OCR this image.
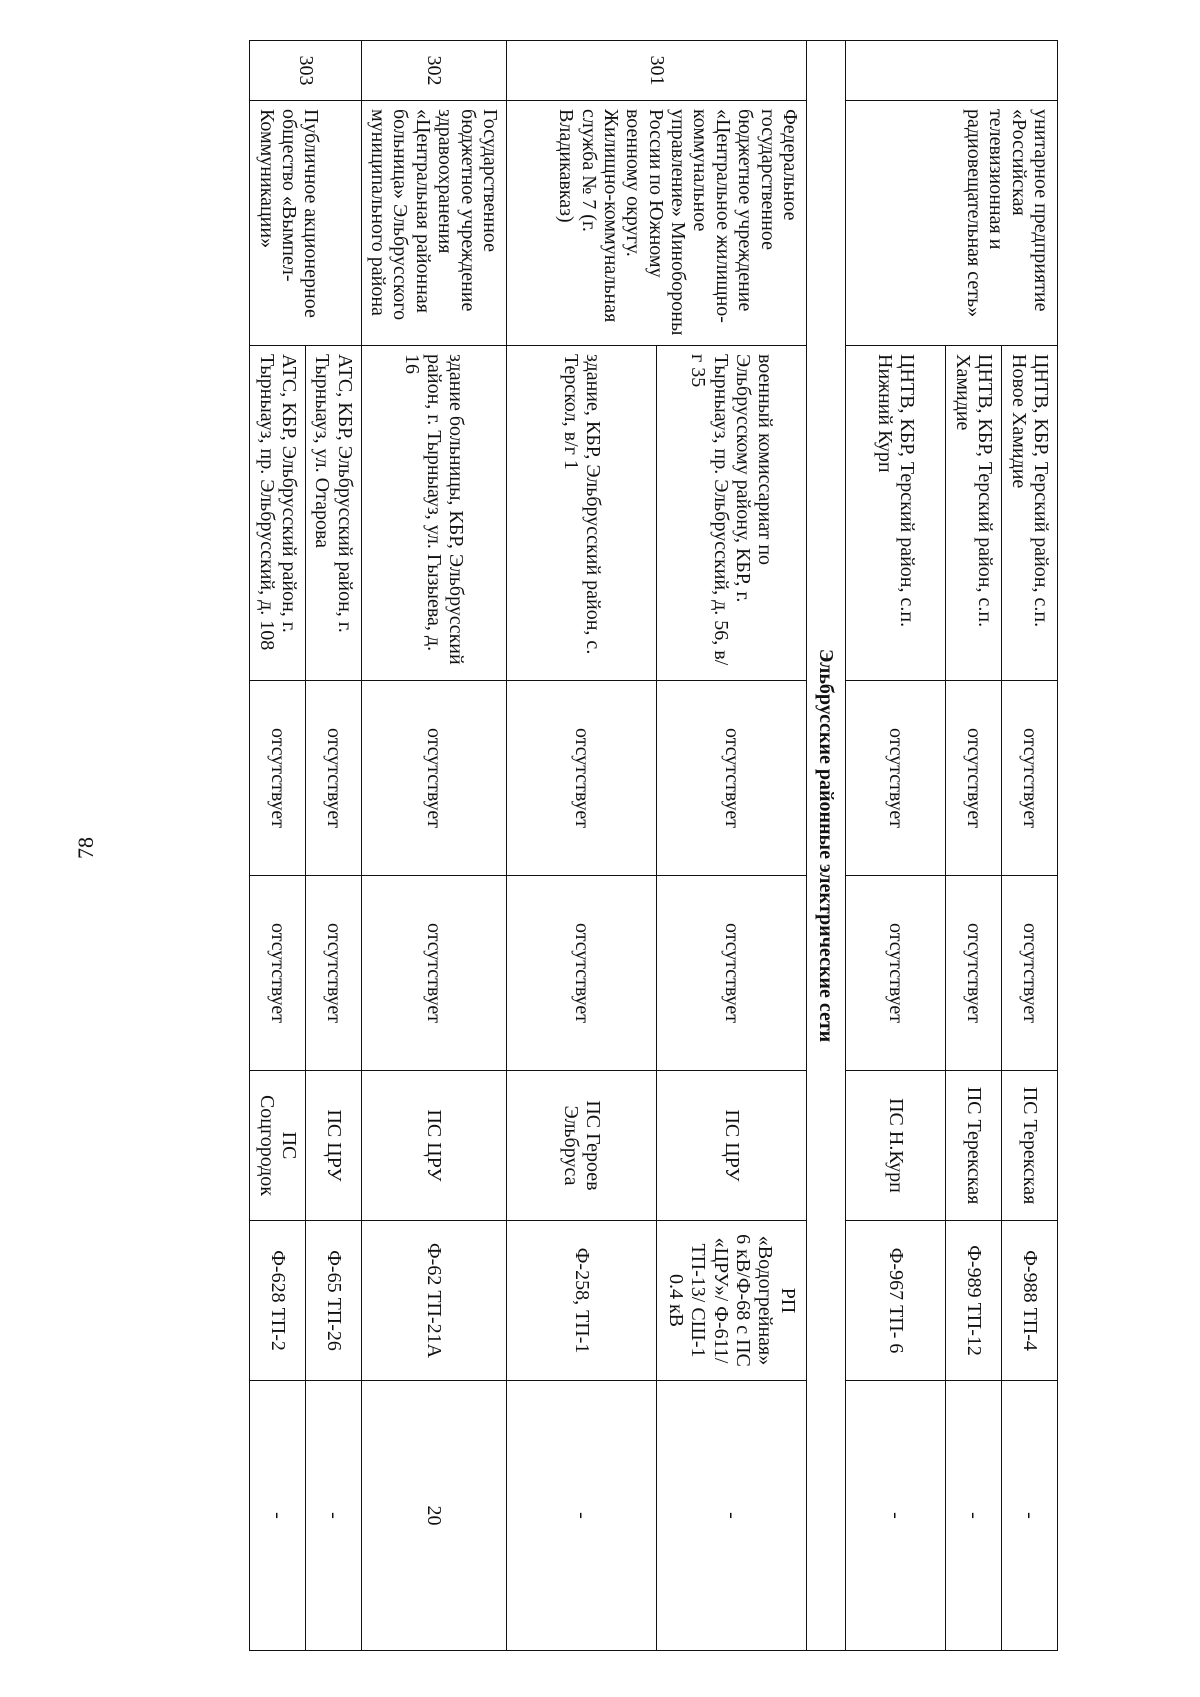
78
	унитарное предприятие «Российская телевизионная и радиовещательная сеть»	ЦНТВ, КБР, Терский район, с.п. Новое Хамидие	отсутствует	отсутствует	ПС Терекская	Ф-988 ТП-4	-
		ЦНТВ, КБР, Терский район, с.п. Хамидие	отсутствует	отсутствует	ПС Терекская	Ф-989 ТП-12	-
		ЦНТВ, КБР, Терский район, с.п. Нижний Курп	отсутствует	отсутствует	ПС Н.Курп	Ф-967 ТП- 6	-
Эльбрусские районные электрические сети							
301	Федеральное государственное бюджетное учреждение «Центральное жилищно-коммунальное управление» Минобороны России по Южному военному округу. Жилищно-коммунальная служба № 7 (г. Владикавказ)	военный комиссариат по Эльбрусскому району, КБР, г. Тырныауз, пр. Эльбрусский, д. 56, в/г 35	отсутствует	отсутствует	ПС ЦРУ	РП «Водогрейная» 6 кВ/Ф-68 с ПС «ЦРУ»/ Ф-611/ТП-13/ СШ-1 0.4 кВ	-
		здание, КБР, Эльбрусский район, с. Терскол, в/г 1	отсутствует	отсутствует	ПС Героев Эльбруса	Ф-258, ТП-1	-
302	Государственное бюджетное учреждение здравоохранения «Центральная районная больница» Эльбрусского муниципального района	здание больницы, КБР, Эльбрусский район, г. Тырныауз, ул. Гызыева, д. 16	отсутствует	отсутствует	ПС ЦРУ	Ф-62 ТП-21А	20
303	Публичное акционерное общество «Вымпел-Коммуникации»	АТС, КБР, Эльбрусский район, г. Тырныауз, ул. Отарова	отсутствует	отсутствует	ПС ЦРУ	Ф-65 ТП-26	-
		АТС, КБР, Эльбрусский район, г. Тырныауз, пр. Эльбрусский, д. 108	отсутствует	отсутствует	ПС Соцгородок	Ф-628 ТП-2	-
